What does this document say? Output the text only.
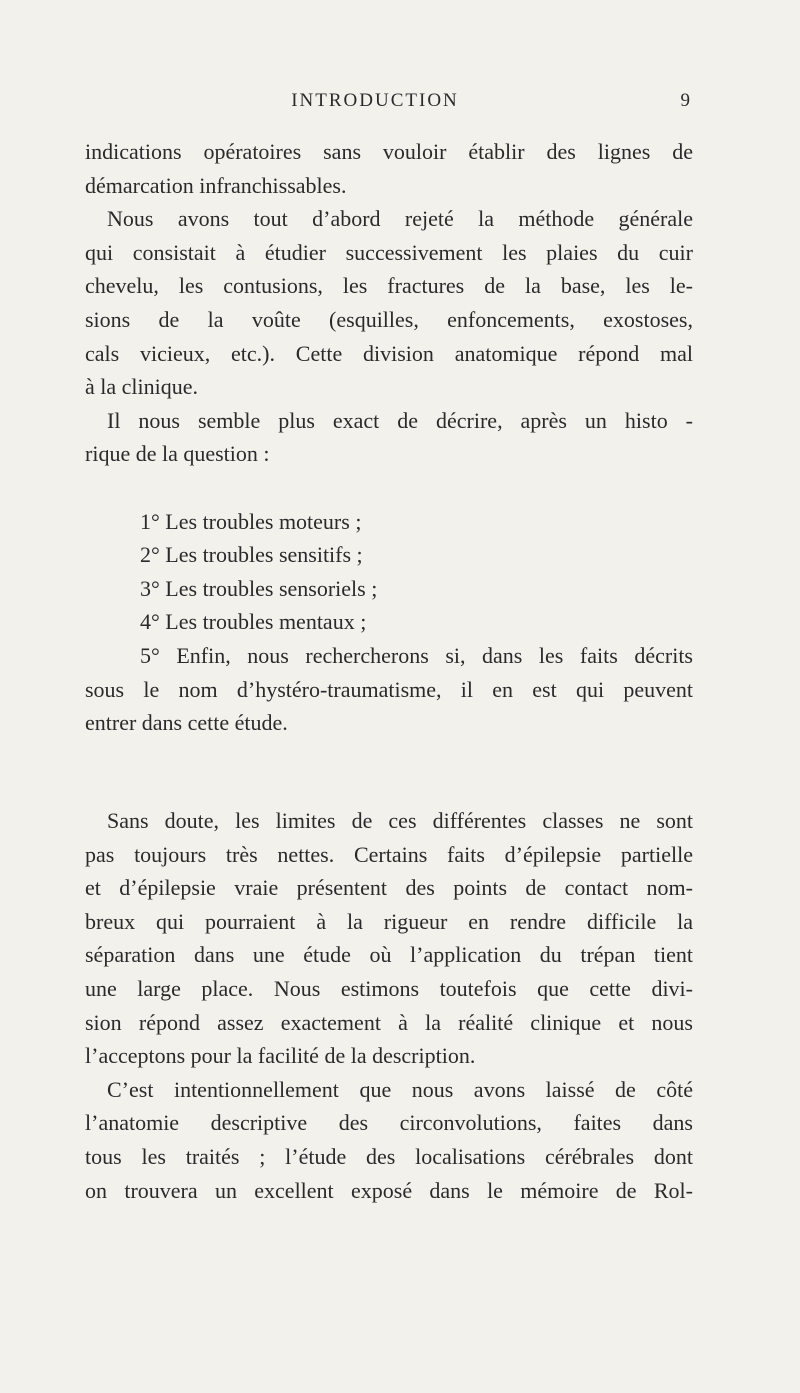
INTRODUCTION	9
indications opératoires sans vouloir établir des lignes de
démarcation infranchissables.
Nous avons tout d’abord rejeté la méthode générale
qui consistait à étudier successivement les plaies du cuir
chevelu, les contusions, les fractures de la base, les le-
sions de la voûte (esquilles, enfoncements, exostoses,
cals vicieux, etc.). Cette division anatomique répond mal
à la clinique.
Il nous semble plus exact de décrire, après un histo -
rique de la question :
1° Les troubles moteurs ;
2° Les troubles sensitifs ;
3° Les troubles sensoriels ;
4° Les troubles mentaux ;
5° Enfin, nous rechercherons si, dans les faits décrits
sous le nom d’hystéro-traumatisme, il en est qui peuvent
entrer dans cette étude.
Sans doute, les limites de ces différentes classes ne sont
pas toujours très nettes. Certains faits d’épilepsie partielle
et d’épilepsie vraie présentent des points de contact nom-
breux qui pourraient à la rigueur en rendre difficile la
séparation dans une étude où l’application du trépan tient
une large place. Nous estimons toutefois que cette divi-
sion répond assez exactement à la réalité clinique et nous
l’acceptons pour la facilité de la description.
C’est intentionnellement que nous avons laissé de côté
l’anatomie descriptive des circonvolutions, faites dans
tous les traités ; l’étude des localisations cérébrales dont
on trouvera un excellent exposé dans le mémoire de Rol-
